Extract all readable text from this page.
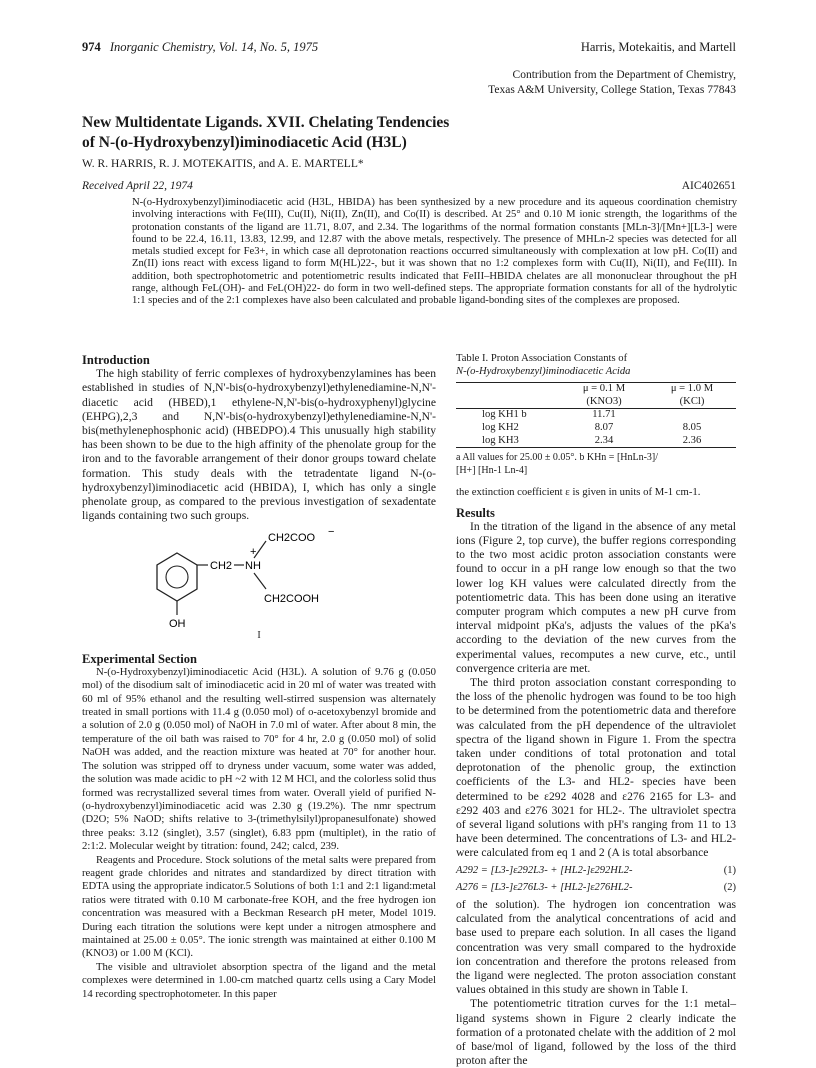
974 Inorganic Chemistry, Vol. 14, No. 5, 1975	Harris, Motekaitis, and Martell
Contribution from the Department of Chemistry,
Texas A&M University, College Station, Texas 77843
New Multidentate Ligands. XVII. Chelating Tendencies
of N-(o-Hydroxybenzyl)iminodiacetic Acid (H3L)
W. R. HARRIS, R. J. MOTEKAITIS, and A. E. MARTELL*
Received April 22, 1974	AIC402651
N-(o-Hydroxybenzyl)iminodiacetic acid (H3L, HBIDA) has been synthesized by a new procedure and its aqueous coordination chemistry involving interactions with Fe(III), Cu(II), Ni(II), Zn(II), and Co(II) is described. At 25° and 0.10 M ionic strength, the logarithms of the protonation constants of the ligand are 11.71, 8.07, and 2.34. The logarithms of the normal formation constants [MLn-3]/[Mn+][L3-] were found to be 22.4, 16.11, 13.83, 12.99, and 12.87 with the above metals, respectively. The presence of MHLn-2 species was detected for all metals studied except for Fe3+, in which case all deprotonation reactions occurred simultaneously with complexation at low pH. Co(II) and Zn(II) ions react with excess ligand to form M(HL)22-, but it was shown that no 1:2 complexes form with Cu(II), Ni(II), and Fe(III). In addition, both spectrophotometric and potentiometric results indicated that FeIII–HBIDA chelates are all mononuclear throughout the pH range, although FeL(OH)- and FeL(OH)22- do form in two well-defined steps. The appropriate formation constants for all of the hydrolytic 1:1 species and of the 2:1 complexes have also been calculated and probable ligand-bonding sites of the complexes are proposed.
Introduction

The high stability of ferric complexes of hydroxybenzylamines has been established in studies of N,N'-bis(o-hydroxybenzyl)ethylenediamine-N,N'-diacetic acid (HBED),1 ethylene-N,N'-bis(o-hydroxyphenyl)glycine (EHPG),2,3 and N,N'-bis(o-hydroxybenzyl)ethylenediamine-N,N'-bis(methylenephosphonic acid) (HBEDPO).4 This unusually high stability has been shown to be due to the high affinity of the phenolate group for the iron and to the favorable arrangement of their donor groups toward chelate formation. This study deals with the tetradentate ligand N-(o-hydroxybenzyl)iminodiacetic acid (HBIDA), I, which has only a single phenolate group, as compared to the previous investigation of sexadentate ligands containing two such groups.

CH2 NH
+
CH2COO −
CH2COOH
OH
I
Experimental Section

N-(o-Hydroxybenzyl)iminodiacetic Acid (H3L). A solution of 9.76 g (0.050 mol) of the disodium salt of iminodiacetic acid in 20 ml of water was treated with 60 ml of 95% ethanol and the resulting well-stirred suspension was alternately treated in small portions with 11.4 g (0.050 mol) of o-acetoxybenzyl bromide and a solution of 2.0 g (0.050 mol) of NaOH in 7.0 ml of water. After about 8 min, the temperature of the oil bath was raised to 70° for 4 hr, 2.0 g (0.050 mol) of solid NaOH was added, and the reaction mixture was heated at 70° for another hour. The solution was stripped off to dryness under vacuum, some water was added, the solution was made acidic to pH ~2 with 12 M HCl, and the colorless solid thus formed was recrystallized several times from water. Overall yield of purified N-(o-hydroxybenzyl)iminodiacetic acid was 2.30 g (19.2%). The nmr spectrum (D2O; 5% NaOD; shifts relative to 3-(trimethylsilyl)propanesulfonate) showed three peaks: 3.12 (singlet), 3.57 (singlet), 6.83 ppm (multiplet), in the ratio of 2:1:2. Molecular weight by titration: found, 242; calcd, 239.

Reagents and Procedure. Stock solutions of the metal salts were prepared from reagent grade chlorides and nitrates and standardized by direct titration with EDTA using the appropriate indicator.5 Solutions of both 1:1 and 2:1 ligand:metal ratios were titrated with 0.10 M carbonate-free KOH, and the free hydrogen ion concentration was measured with a Beckman Research pH meter, Model 1019. During each titration the solutions were kept under a nitrogen atmosphere and maintained at 25.00 ± 0.05°. The ionic strength was maintained at either 0.100 M (KNO3) or 1.00 M (KCl).

The visible and ultraviolet absorption spectra of the ligand and the metal complexes were determined in 1.00-cm matched quartz cells using a Cary Model 14 recording spectrophotometer. In this paper

Table I. Proton Association Constants of
N-(o-Hydroxybenzyl)iminodiacetic Acida
	μ = 0.1 M	μ = 1.0 M
	(KNO3)	(KCl)
log KH1 b	11.71	
log KH2	8.07	8.05
log KH3	2.34	2.36
a All values for 25.00 ± 0.05°. b KHn = [HnLn-3]/
[H+] [Hn-1 Ln-4]
the extinction coefficient ε is given in units of M-1 cm-1.
Results

In the titration of the ligand in the absence of any metal ions (Figure 2, top curve), the buffer regions corresponding to the two most acidic proton association constants were found to occur in a pH range low enough so that the two lower log KH values were calculated directly from the potentiometric data. This has been done using an iterative computer program which computes a new pH curve from interval midpoint pKa's, adjusts the values of the pKa's according to the deviation of the new curves from the experimental values, recomputes a new curve, etc., until convergence criteria are met.

The third proton association constant corresponding to the loss of the phenolic hydrogen was found to be too high to be determined from the potentiometric data and therefore was calculated from the pH dependence of the ultraviolet spectra of the ligand shown in Figure 1. From the spectra taken under conditions of total protonation and total deprotonation of the phenolic group, the extinction coefficients of the L3- and HL2- species have been determined to be ε292 4028 and ε276 2165 for L3- and ε292 403 and ε276 3021 for HL2-. The ultraviolet spectra of several ligand solutions with pH's ranging from 11 to 13 have been determined. The concentrations of L3- and HL2- were calculated from eq 1 and 2 (A is total absorbance

A292 = [L3-]ε292L3- + [HL2-]ε292HL2-	(1)
A276 = [L3-]ε276L3- + [HL2-]ε276HL2-	(2)

of the solution). The hydrogen ion concentration was calculated from the analytical concentrations of acid and base used to prepare each solution. In all cases the ligand concentration was very small compared to the hydroxide ion concentration and therefore the protons released from the ligand were neglected. The proton association constant values obtained in this study are shown in Table I.

The potentiometric titration curves for the 1:1 metal–ligand systems shown in Figure 2 clearly indicate the formation of a protonated chelate with the addition of 2 mol of base/mol of ligand, followed by the loss of the third proton after the
